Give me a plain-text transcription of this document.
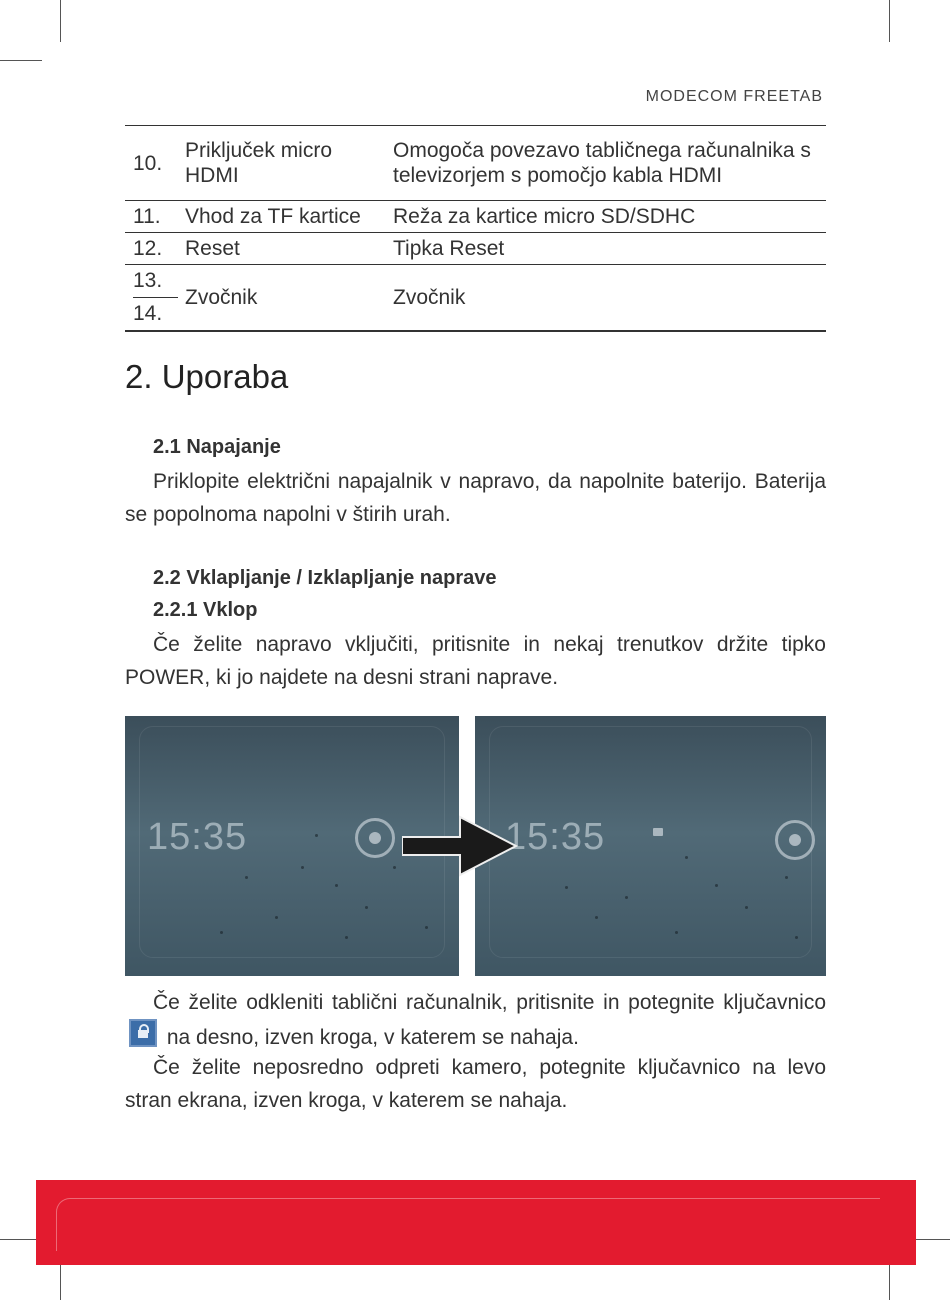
MODECOM FREETAB
10.	Priključek micro HDMI	Omogoča povezavo tabličnega računalnika s televizorjem s pomočjo kabla HDMI
11.	Vhod za TF kartice	Reža za kartice micro SD/SDHC
12.	Reset	Tipka Reset

13.
14.	Zvočnik	Zvočnik
2. Uporaba
2.1 Napajanje

Priklopite električni napajalnik v napravo, da napolnite baterijo. Baterija se popolnoma napolni v štirih urah.

2.2 Vklapljanje / Izklapljanje naprave
2.2.1 Vklop

Če želite napravo vključiti, pritisnite in nekaj trenutkov držite tipko POWER, ki jo najdete na desni strani naprave.

15:35	15:35

Če želite odkleniti tablični računalnik, pritisnite in potegnite ključavnico  na desno, izven kroga, v katerem se nahaja.

Če želite neposredno odpreti kamero, potegnite ključavnico na levo stran ekrana, izven kroga, v katerem se nahaja.
